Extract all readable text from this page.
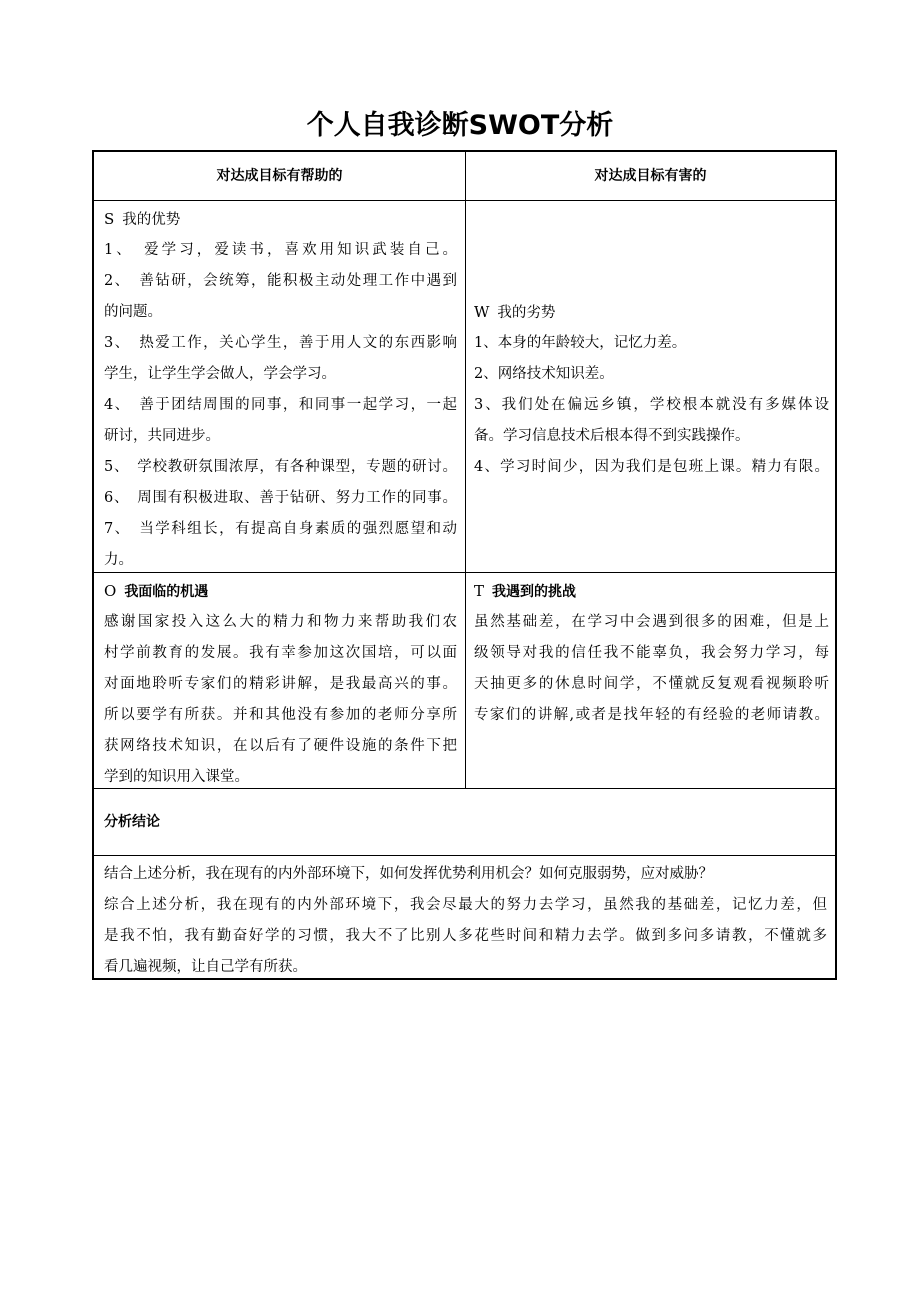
个人自我诊断SWOT分析
对达成目标有帮助的	对达成目标有害的
S 我的优势
1、　爱学习，爱读书，喜欢用知识武装自己。
2、　善钻研，会统筹，能积极主动处理工作中遇到
的问题。
3、　热爱工作，关心学生，善于用人文的东西影响
学生，让学生学会做人，学会学习。
4、　善于团结周围的同事，和同事一起学习，一起
研讨，共同进步。
5、　学校教研氛围浓厚，有各种课型，专题的研讨。
6、　周围有积极进取、善于钻研、努力工作的同事。
7、　当学科组长，有提高自身素质的强烈愿望和动
力。
W 我的劣势
1、本身的年龄较大，记忆力差。
2、网络技术知识差。
3、我们处在偏远乡镇，学校根本就没有多媒体设
备。学习信息技术后根本得不到实践操作。
4、学习时间少，因为我们是包班上课。精力有限。
O 我面临的机遇
感谢国家投入这么大的精力和物力来帮助我们农
村学前教育的发展。我有幸参加这次国培，可以面
对面地聆听专家们的精彩讲解，是我最高兴的事。
所以要学有所获。并和其他没有参加的老师分享所
获网络技术知识，在以后有了硬件设施的条件下把
学到的知识用入课堂。
T 我遇到的挑战
虽然基础差，在学习中会遇到很多的困难，但是上
级领导对我的信任我不能辜负，我会努力学习，每
天抽更多的休息时间学，不懂就反复观看视频聆听
专家们的讲解,或者是找年轻的有经验的老师请教。
分析结论
结合上述分析，我在现有的内外部环境下，如何发挥优势利用机会？如何克服弱势，应对威胁？
综合上述分析，我在现有的内外部环境下，我会尽最大的努力去学习，虽然我的基础差，记忆力差，但
是我不怕，我有勤奋好学的习惯，我大不了比别人多花些时间和精力去学。做到多问多请教，不懂就多
看几遍视频，让自己学有所获。
